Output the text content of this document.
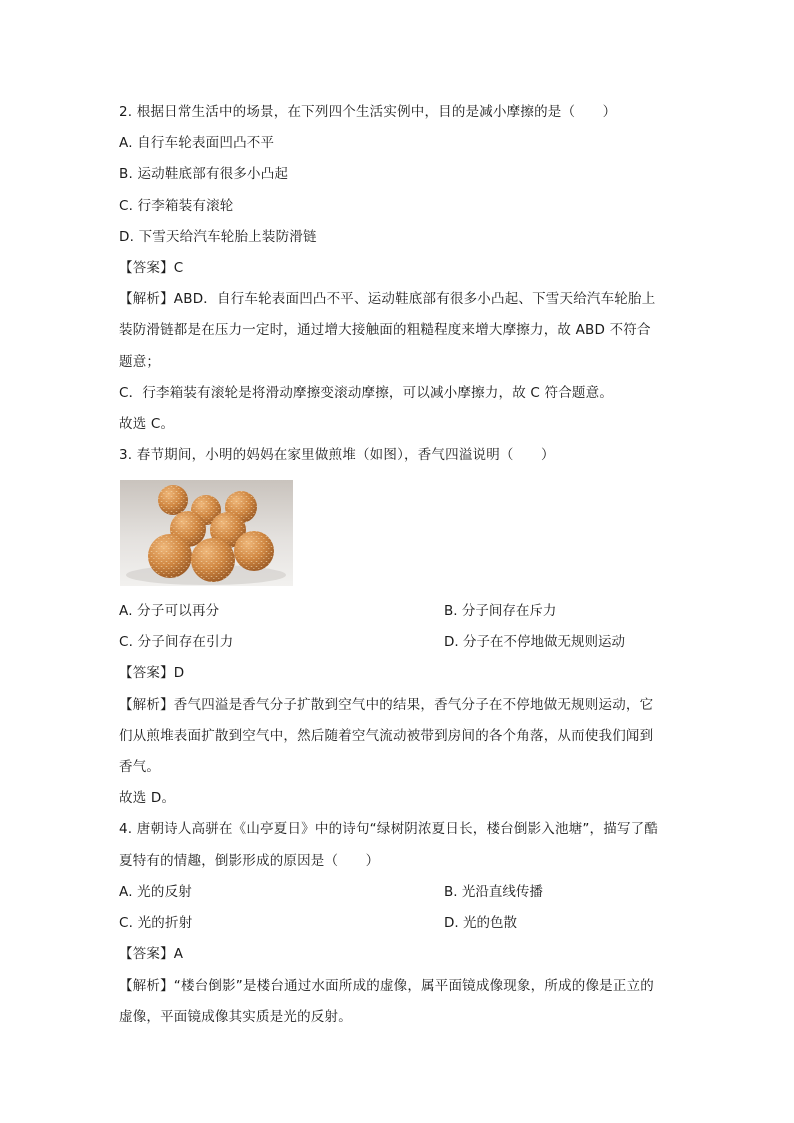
2. 根据日常生活中的场景，在下列四个生活实例中，目的是减小摩擦的是（　　）
A. 自行车轮表面凹凸不平
B. 运动鞋底部有很多小凸起
C. 行李箱装有滚轮
D. 下雪天给汽车轮胎上装防滑链
【答案】C
【解析】ABD．自行车轮表面凹凸不平、运动鞋底部有很多小凸起、下雪天给汽车轮胎上
装防滑链都是在压力一定时，通过增大接触面的粗糙程度来增大摩擦力，故 ABD 不符合
题意；
C．行李箱装有滚轮是将滑动摩擦变滚动摩擦，可以减小摩擦力，故 C 符合题意。
故选 C。
3. 春节期间，小明的妈妈在家里做煎堆（如图），香气四溢说明（　　）
A. 分子可以再分	B. 分子间存在斥力
C. 分子间存在引力	D. 分子在不停地做无规则运动
【答案】D
【解析】香气四溢是香气分子扩散到空气中的结果，香气分子在不停地做无规则运动，它
们从煎堆表面扩散到空气中，然后随着空气流动被带到房间的各个角落，从而使我们闻到
香气。
故选 D。
4. 唐朝诗人高骈在《山亭夏日》中的诗句“绿树阴浓夏日长，楼台倒影入池塘”，描写了酷
夏特有的情趣，倒影形成的原因是（　　）
A. 光的反射	B. 光沿直线传播
C. 光的折射	D. 光的色散
【答案】A
【解析】“楼台倒影”是楼台通过水面所成的虚像，属平面镜成像现象，所成的像是正立的
虚像，平面镜成像其实质是光的反射。
